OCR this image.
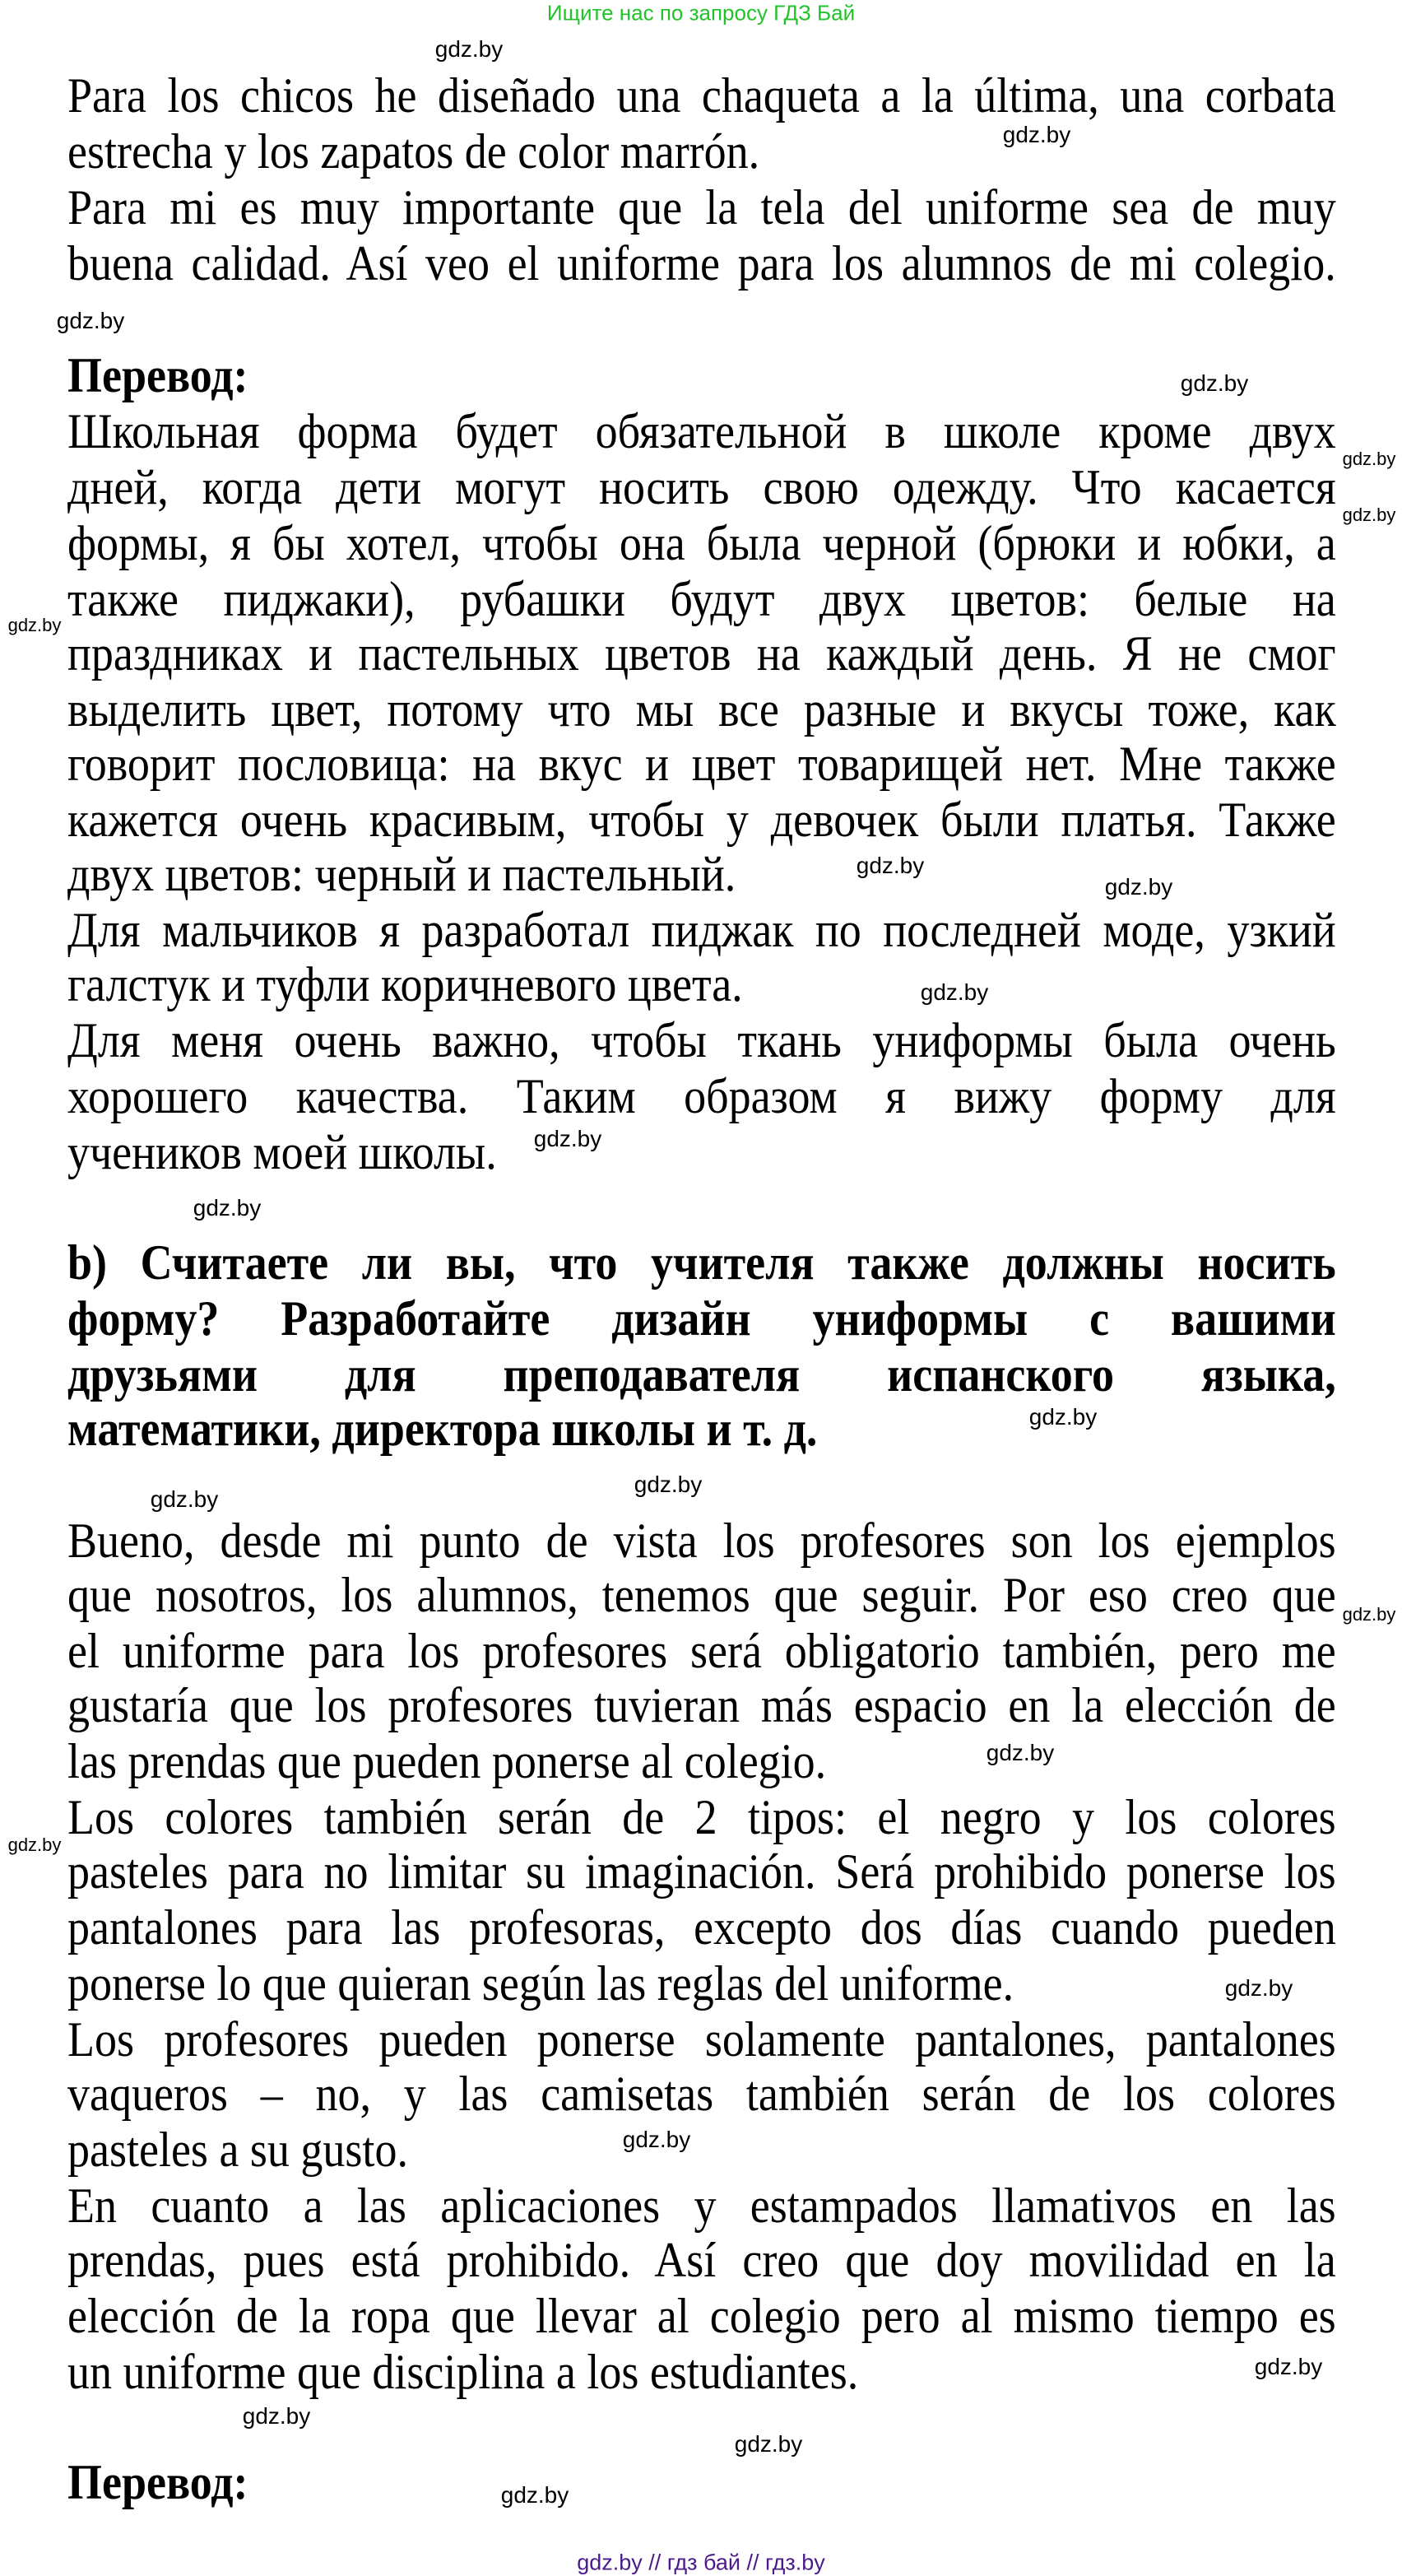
Ищите нас по запросу ГДЗ Бай
Para los chicos he diseñado una chaqueta a la última, una corbata
estrecha y los zapatos de color marrón.
Para mi es muy importante que la tela del uniforme sea de muy
buena calidad. Así veo el uniforme para los alumnos de mi colegio.
Перевод:
Школьная форма будет обязательной в школе кроме двух
дней, когда дети могут носить свою одежду. Что касается
формы, я бы хотел, чтобы она была черной (брюки и юбки, а
также пиджаки), рубашки будут двух цветов: белые на
праздниках и пастельных цветов на каждый день. Я не смог
выделить цвет, потому что мы все разные и вкусы тоже, как
говорит пословица: на вкус и цвет товарищей нет. Мне также
кажется очень красивым, чтобы у девочек были платья. Также
двух цветов: черный и пастельный.
Для мальчиков я разработал пиджак по последней моде, узкий
галстук и туфли коричневого цвета.
Для меня очень важно, чтобы ткань униформы была очень
хорошего качества. Таким образом я вижу форму для
учеников моей школы.
b) Считаете ли вы, что учителя также должны носить
форму? Разработайте дизайн униформы с вашими
друзьями для преподавателя испанского языка,
математики, директора школы и т. д.
Bueno, desde mi punto de vista los profesores son los ejemplos
que nosotros, los alumnos, tenemos que seguir. Por eso creo que
el uniforme para los profesores será obligatorio también, pero me
gustaría que los profesores tuvieran más espacio en la elección de
las prendas que pueden ponerse al colegio.
Los colores también serán de 2 tipos: el negro y los colores
pasteles para no limitar su imaginación. Será prohibido ponerse los
pantalones para las profesoras, excepto dos días cuando pueden
ponerse lo que quieran según las reglas del uniforme.
Los profesores pueden ponerse solamente pantalones, pantalones
vaqueros – no, y las camisetas también serán de los colores
pasteles a su gusto.
En cuanto a las aplicaciones y estampados llamativos en las
prendas, pues está prohibido. Así creo que doy movilidad en la
elección de la ropa que llevar al colegio pero al mismo tiempo es
un uniforme que disciplina a los estudiantes.
Перевод:
gdz.by
gdz.by
gdz.by
gdz.by
gdz.by
gdz.by
gdz.by
gdz.by
gdz.by
gdz.by
gdz.by
gdz.by
gdz.by
gdz.by
gdz.by
gdz.by
gdz.by
gdz.by
gdz.by
gdz.by
gdz.by
gdz.by
gdz.by
gdz.by
gdz.by // гдз бай // гдз.by
